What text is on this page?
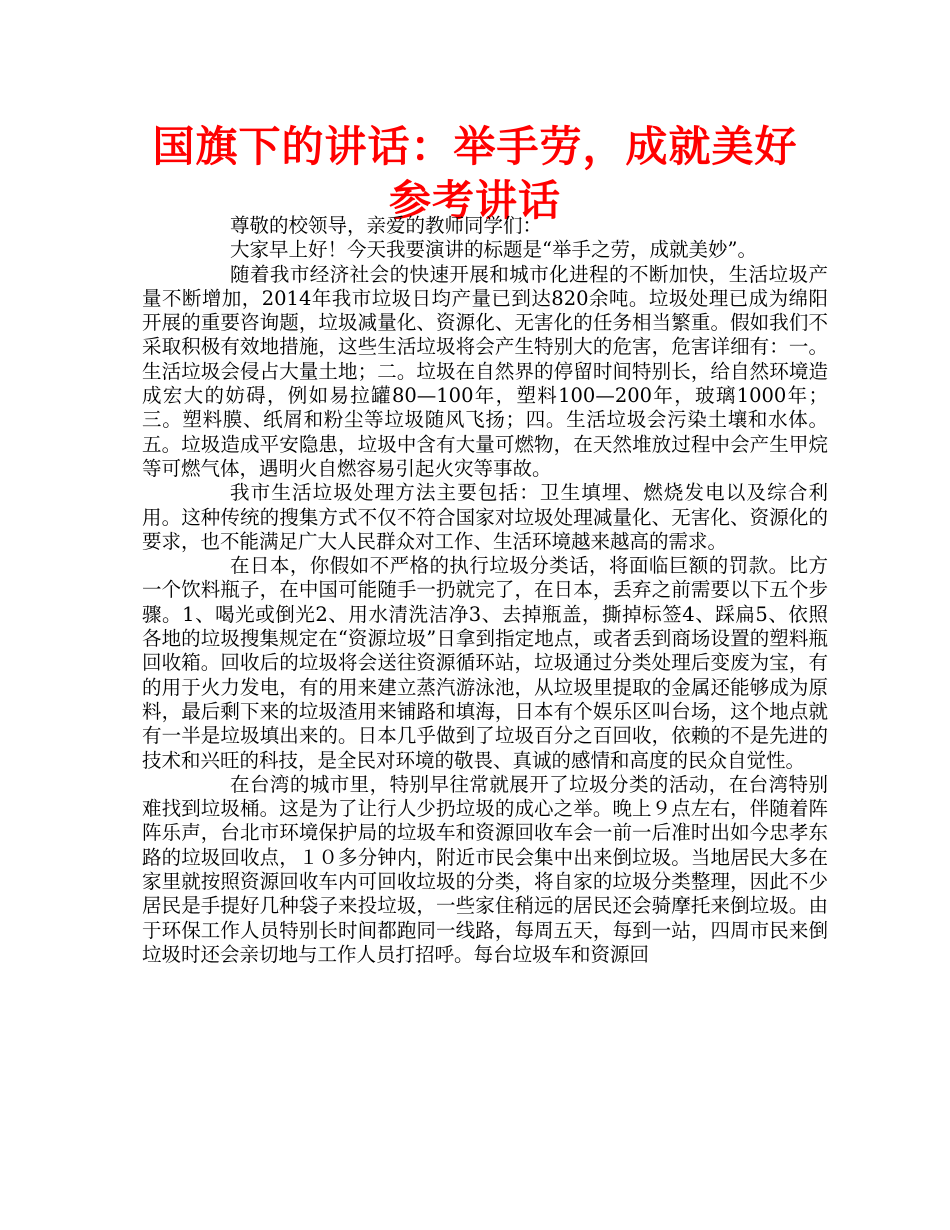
国旗下的讲话：举手劳，成就美好参考讲话

尊敬的校领导，亲爱的教师同学们：

大家早上好！今天我要演讲的标题是“举手之劳，成就美妙”。

随着我市经济社会的快速开展和城市化进程的不断加快，生活垃圾产量不断增加，2014年我市垃圾日均产量已到达820余吨。垃圾处理已成为绵阳开展的重要咨询题，垃圾减量化、资源化、无害化的任务相当繁重。假如我们不采取积极有效地措施，这些生活垃圾将会产生特别大的危害，危害详细有：一。生活垃圾会侵占大量土地；二。垃圾在自然界的停留时间特别长，给自然环境造成宏大的妨碍，例如易拉罐80—100年，塑料100—200年，玻璃1000年；三。塑料膜、纸屑和粉尘等垃圾随风飞扬；四。生活垃圾会污染土壤和水体。五。垃圾造成平安隐患，垃圾中含有大量可燃物，在天然堆放过程中会产生甲烷等可燃气体，遇明火自燃容易引起火灾等事故。

我市生活垃圾处理方法主要包括：卫生填埋、燃烧发电以及综合利用。这种传统的搜集方式不仅不符合国家对垃圾处理减量化、无害化、资源化的要求，也不能满足广大人民群众对工作、生活环境越来越高的需求。

在日本，你假如不严格的执行垃圾分类话，将面临巨额的罚款。比方一个饮料瓶子，在中国可能随手一扔就完了，在日本，丢弃之前需要以下五个步骤。1、喝光或倒光2、用水清洗洁净3、去掉瓶盖，撕掉标签4、踩扁5、依照各地的垃圾搜集规定在“资源垃圾”日拿到指定地点，或者丢到商场设置的塑料瓶回收箱。回收后的垃圾将会送往资源循环站，垃圾通过分类处理后变废为宝，有的用于火力发电，有的用来建立蒸汽游泳池，从垃圾里提取的金属还能够成为原料，最后剩下来的垃圾渣用来铺路和填海，日本有个娱乐区叫台场，这个地点就有一半是垃圾填出来的。日本几乎做到了垃圾百分之百回收，依赖的不是先进的技术和兴旺的科技，是全民对环境的敬畏、真诚的感情和高度的民众自觉性。

在台湾的城市里，特别早往常就展开了垃圾分类的活动，在台湾特别难找到垃圾桶。这是为了让行人少扔垃圾的成心之举。晚上９点左右，伴随着阵阵乐声，台北市环境保护局的垃圾车和资源回收车会一前一后准时出如今忠孝东路的垃圾回收点，１０多分钟内，附近市民会集中出来倒垃圾。当地居民大多在家里就按照资源回收车内可回收垃圾的分类，将自家的垃圾分类整理，因此不少居民是手提好几种袋子来投垃圾，一些家住稍远的居民还会骑摩托来倒垃圾。由于环保工作人员特别长时间都跑同一线路，每周五天，每到一站，四周市民来倒垃圾时还会亲切地与工作人员打招呼。每台垃圾车和资源回
